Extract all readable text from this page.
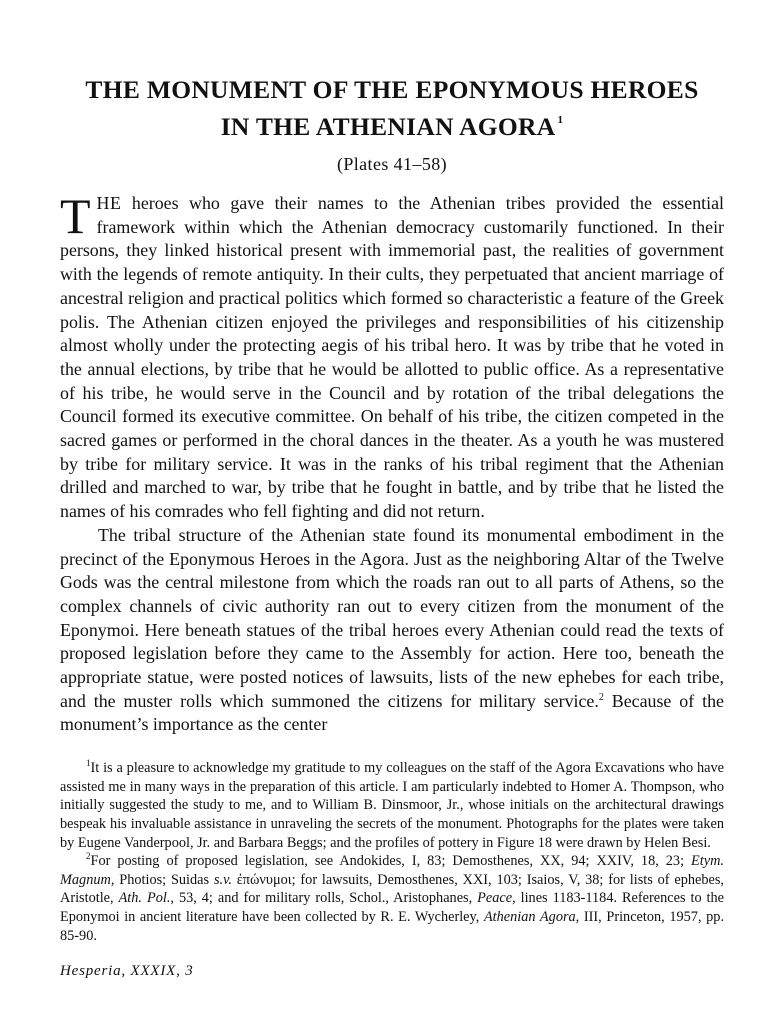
THE MONUMENT OF THE EPONYMOUS HEROES
IN THE ATHENIAN AGORA $^1$
(Plates 41–58)

THE heroes who gave their names to the Athenian tribes provided the essential framework within which the Athenian democracy customarily functioned. In their persons, they linked historical present with immemorial past, the realities of government with the legends of remote antiquity. In their cults, they perpetuated that ancient marriage of ancestral religion and practical politics which formed so characteristic a feature of the Greek polis. The Athenian citizen enjoyed the privileges and responsibilities of his citizenship almost wholly under the protecting aegis of his tribal hero. It was by tribe that he voted in the annual elections, by tribe that he would be allotted to public office. As a representative of his tribe, he would serve in the Council and by rotation of the tribal delegations the Council formed its executive committee. On behalf of his tribe, the citizen competed in the sacred games or performed in the choral dances in the theater. As a youth he was mustered by tribe for military service. It was in the ranks of his tribal regiment that the Athenian drilled and marched to war, by tribe that he fought in battle, and by tribe that he listed the names of his comrades who fell fighting and did not return.

The tribal structure of the Athenian state found its monumental embodiment in the precinct of the Eponymous Heroes in the Agora. Just as the neighboring Altar of the Twelve Gods was the central milestone from which the roads ran out to all parts of Athens, so the complex channels of civic authority ran out to every citizen from the monument of the Eponymoi. Here beneath statues of the tribal heroes every Athenian could read the texts of proposed legislation before they came to the Assembly for action. Here too, beneath the appropriate statue, were posted notices of lawsuits, lists of the new ephebes for each tribe, and the muster rolls which summoned the citizens for military service.$^2$ Because of the monument’s importance as the center

$^1$It is a pleasure to acknowledge my gratitude to my colleagues on the staff of the Agora Excavations who have assisted me in many ways in the preparation of this article. I am particularly indebted to Homer A. Thompson, who initially suggested the study to me, and to William B. Dinsmoor, Jr., whose initials on the architectural drawings bespeak his invaluable assistance in unraveling the secrets of the monument. Photographs for the plates were taken by Eugene Vanderpool, Jr. and Barbara Beggs; and the profiles of pottery in Figure 18 were drawn by Helen Besi.

$^2$For posting of proposed legislation, see Andokides, I, 83; Demosthenes, XX, 94; XXIV, 18, 23; Etym. Magnum, Photios; Suidas s.v. ἐπώνυμοι; for lawsuits, Demosthenes, XXI, 103; Isaios, V, 38; for lists of ephebes, Aristotle, Ath. Pol., 53, 4; and for military rolls, Schol., Aristophanes, Peace, lines 1183-1184. References to the Eponymoi in ancient literature have been collected by R. E. Wycherley, Athenian Agora, III, Princeton, 1957, pp. 85-90.

Hesperia, XXXIX, 3
